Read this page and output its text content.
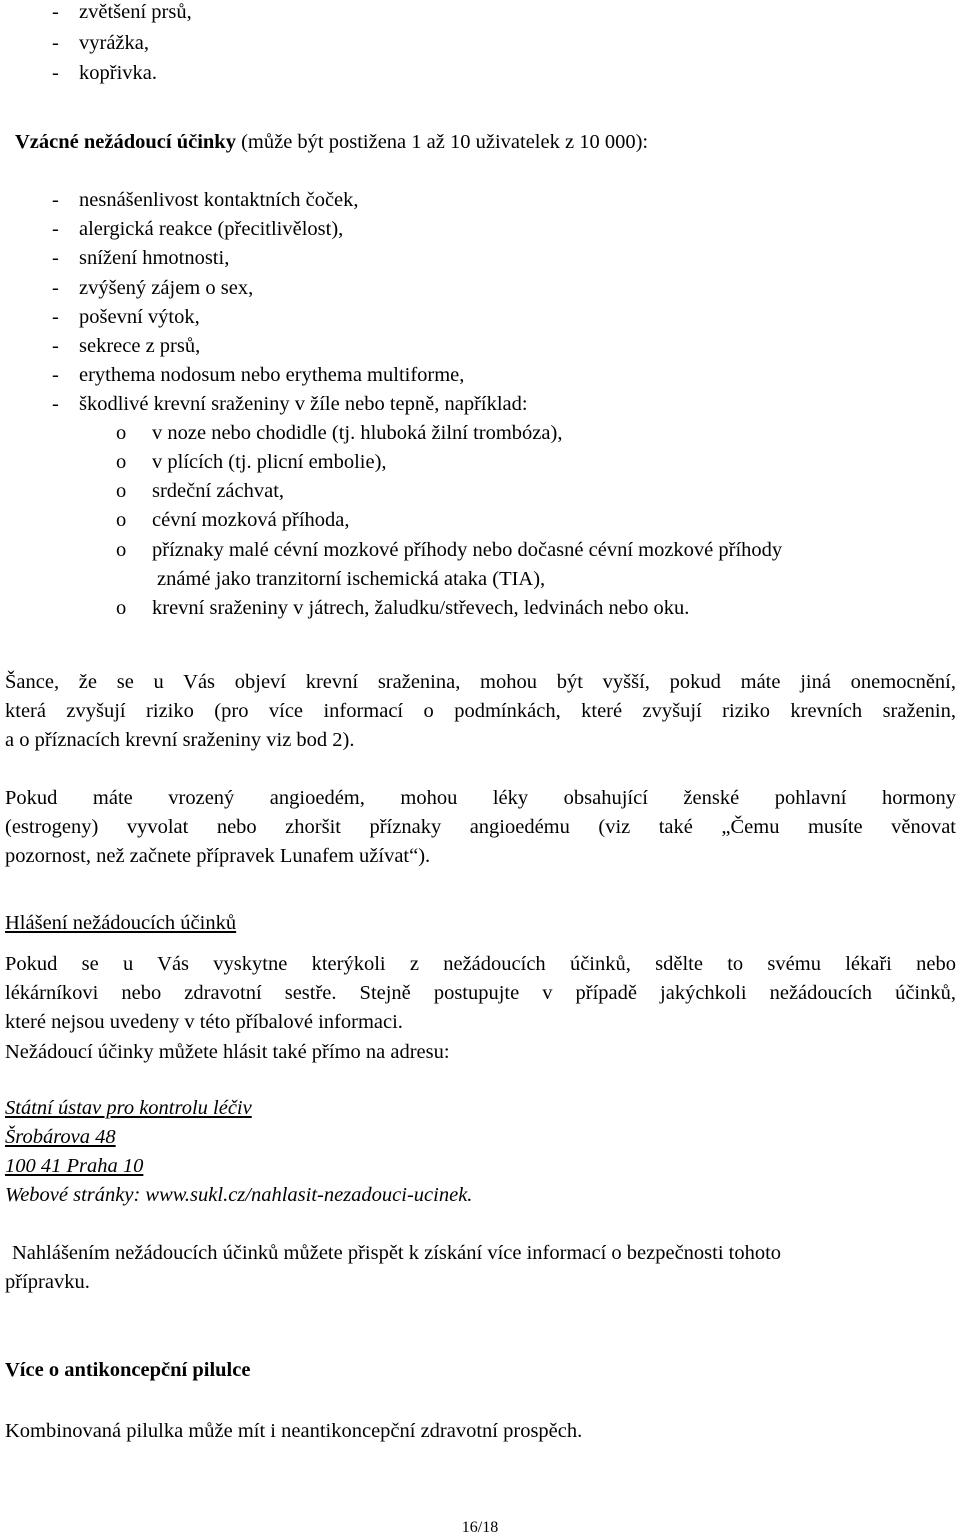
- zvětšení prsů,
- vyrážka,
- kopřivka.
Vzácné nežádoucí účinky (může být postižena 1 až 10 uživatelek z 10 000):
- nesnášenlivost kontaktních čoček,
- alergická reakce (přecitlivělost),
- snížení hmotnosti,
- zvýšený zájem o sex,
- poševní výtok,
- sekrece z prsů,
- erythema nodosum nebo erythema multiforme,
- škodlivé krevní sraženiny v žíle nebo tepně, například:
o v noze nebo chodidle (tj. hluboká žilní trombóza),
o v plících (tj. plicní embolie),
o srdeční záchvat,
o cévní mozková příhoda,
o příznaky malé cévní mozkové příhody nebo dočasné cévní mozkové příhody
známé jako tranzitorní ischemická ataka (TIA),
o krevní sraženiny v játrech, žaludku/střevech, ledvinách nebo oku.
Šance, že se u Vás objeví krevní sraženina, mohou být vyšší, pokud máte jiná onemocnění,
která zvyšují riziko (pro více informací o podmínkách, které zvyšují riziko krevních sraženin,
a o příznacích krevní sraženiny viz bod 2).
Pokud máte vrozený angioedém, mohou léky obsahující ženské pohlavní hormony
(estrogeny) vyvolat nebo zhoršit příznaky angioedému (viz také „Čemu musíte věnovat
pozornost, než začnete přípravek Lunafem užívat“).
Hlášení nežádoucích účinků
Pokud se u Vás vyskytne kterýkoli z nežádoucích účinků, sdělte to svému lékaři nebo
lékárníkovi nebo zdravotní sestře. Stejně postupujte v případě jakýchkoli nežádoucích účinků,
které nejsou uvedeny v této příbalové informaci.
Nežádoucí účinky můžete hlásit také přímo na adresu:
Státní ústav pro kontrolu léčiv
Šrobárova 48
100 41 Praha 10
Webové stránky: www.sukl.cz/nahlasit-nezadouci-ucinek.
Nahlášením nežádoucích účinků můžete přispět k získání více informací o bezpečnosti tohoto
přípravku.
Více o antikoncepční pilulce
Kombinovaná pilulka může mít i neantikoncepční zdravotní prospěch.
16/18
